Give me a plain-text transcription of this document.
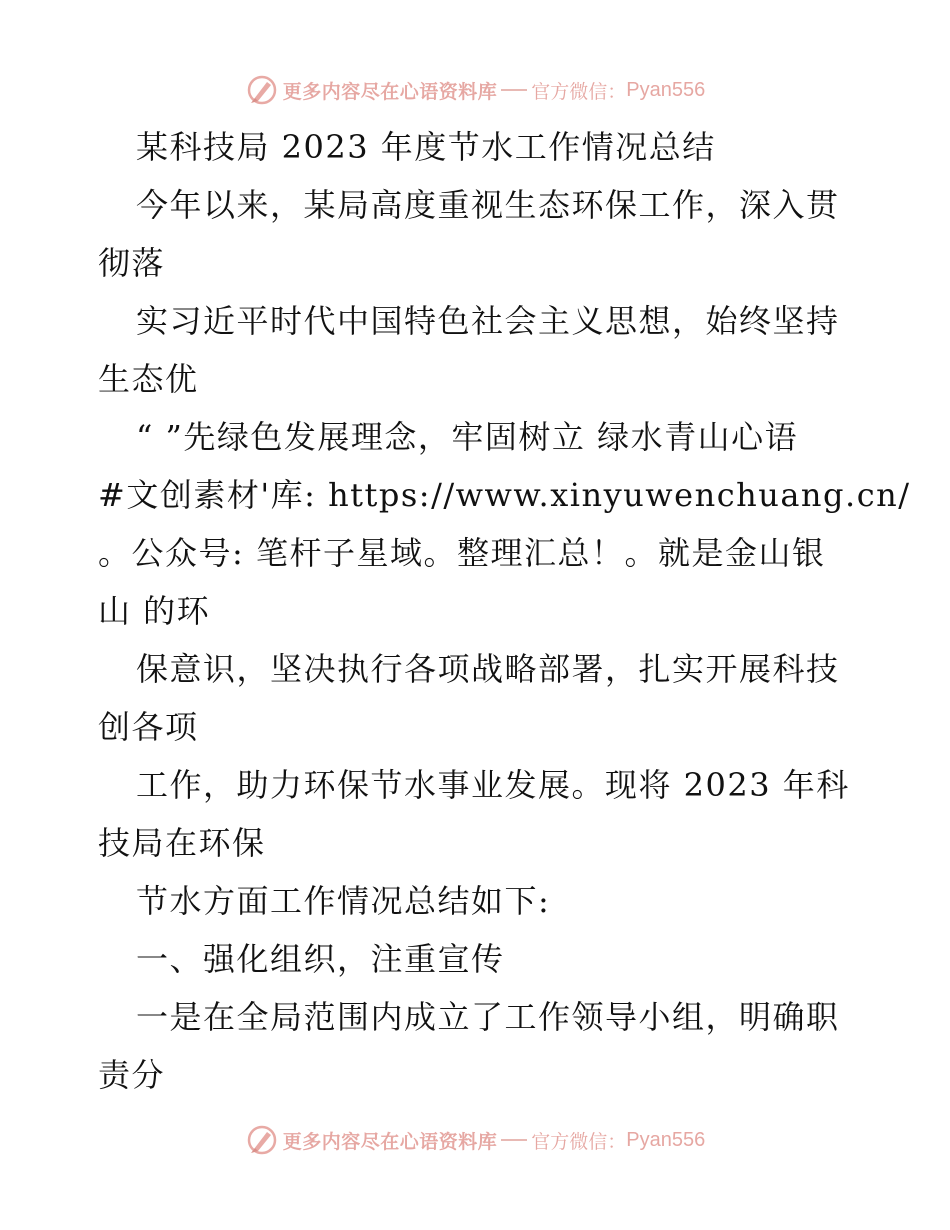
更多内容尽在心语资料库 官方微信： Pyan556
某科技局 2023 年度节水工作情况总结
今年以来，某局高度重视生态环保工作，深入贯
彻落
实习近平时代中国特色社会主义思想，始终坚持
生态优
“ ”先绿色发展理念，牢固树立 绿水青山心语
#文创素材'库: https://www.xinyuwenchuang.cn/
。公众号: 笔杆子星域。整理汇总！。就是金山银
山 的环
保意识，坚决执行各项战略部署，扎实开展科技
创各项
工作，助力环保节水事业发展。现将 2023 年科
技局在环保
节水方面工作情况总结如下:
一、强化组织，注重宣传
一是在全局范围内成立了工作领导小组，明确职
责分
更多内容尽在心语资料库 官方微信： Pyan556
